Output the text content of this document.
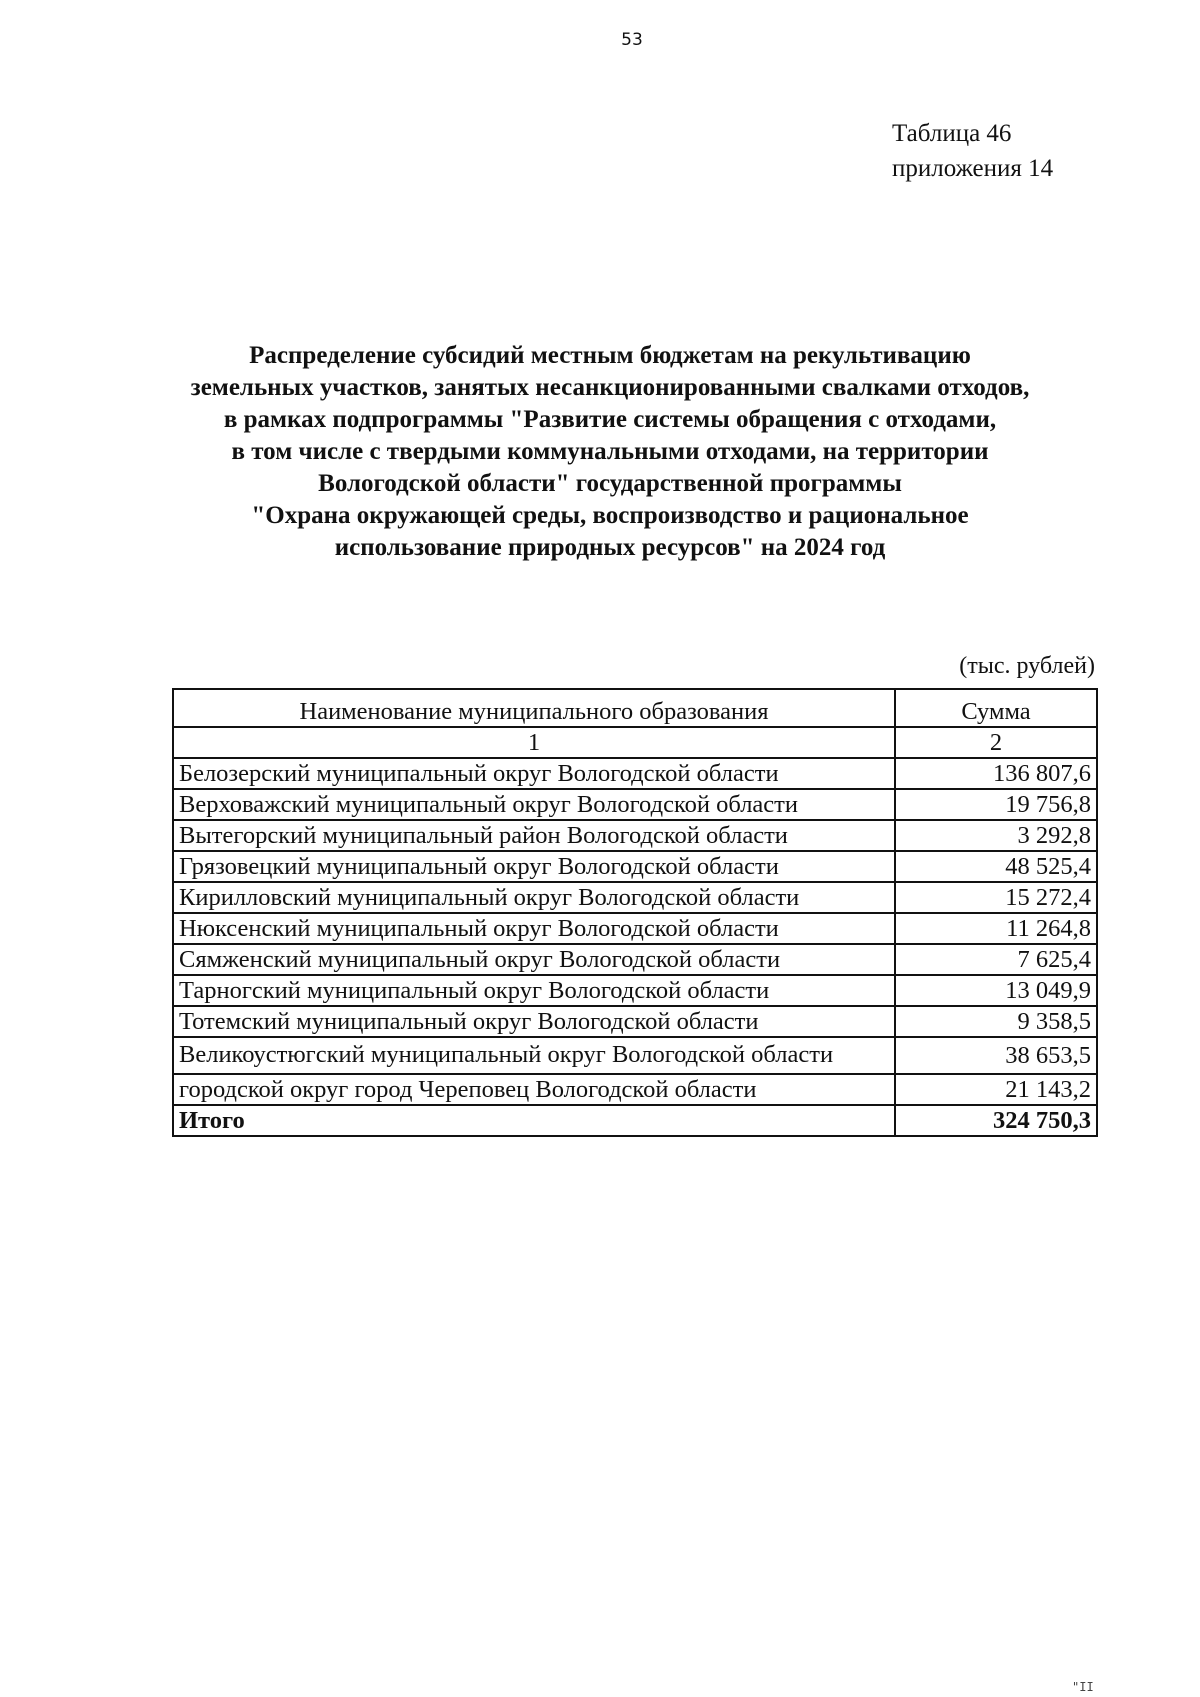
53
Таблица 46
приложения 14
Распределение субсидий местным бюджетам на рекультивацию
земельных участков, занятых несанкционированными свалками отходов,
в рамках подпрограммы "Развитие системы обращения с отходами,
в том числе с твердыми коммунальными отходами, на территории
Вологодской области" государственной программы
"Охрана окружающей среды, воспроизводство и рациональное
использование природных ресурсов" на 2024 год
(тыс. рублей)
Наименование муниципального образования	Сумма
1	2
Белозерский муниципальный округ Вологодской области	136 807,6
Верховажский муниципальный округ Вологодской области	19 756,8
Вытегорский муниципальный район Вологодской области	3 292,8
Грязовецкий муниципальный округ Вологодской области	48 525,4
Кирилловский муниципальный округ Вологодской области	15 272,4
Нюксенский муниципальный округ Вологодской области	11 264,8
Сямженский муниципальный округ Вологодской области	7 625,4
Тарногский муниципальный округ Вологодской области	13 049,9
Тотемский муниципальный округ Вологодской области	9 358,5
Великоустюгский муниципальный округ Вологодской области	38 653,5
городской округ город Череповец Вологодской области	21 143,2
Итого	324 750,3
"ΙΙ
